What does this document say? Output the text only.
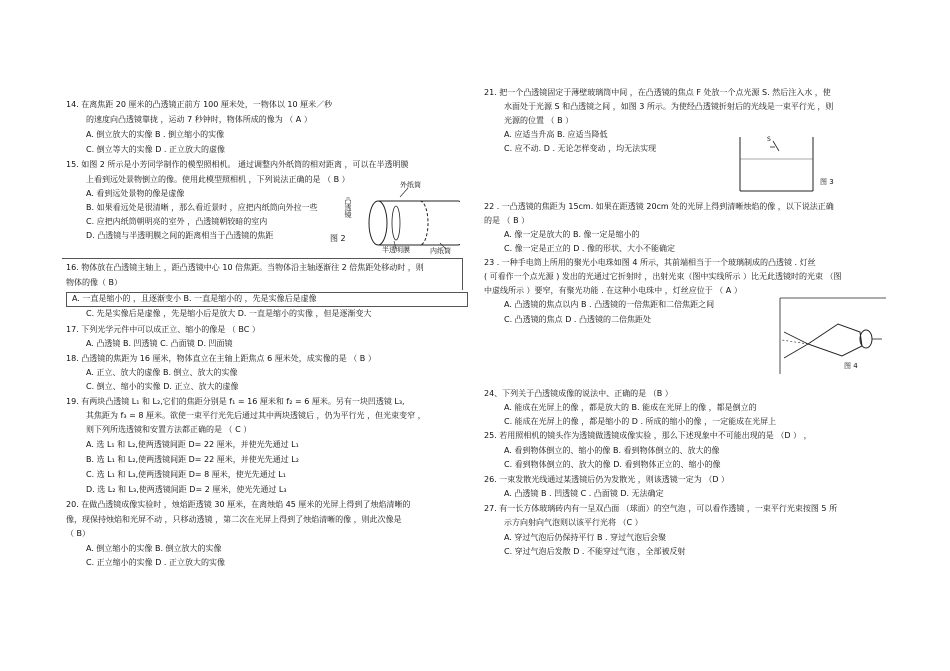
14. 在离焦距 20 厘米的凸透镜正前方 100 厘米处，一物体以 10 厘米／秒
的速度向凸透镜靠拢 ，运动 7 秒钟时，物体所成的像为 （ A ）
A. 倒立放大的实像 B . 倒立缩小的实像
C. 倒立等大的实像 D . 正立放大的虚像
15. 如图 2 所示是小芳同学制作的模型照相机。 通过调整内外纸筒的相对距离 ，可以在半透明膜
上看到远处景物倒立的像。使用此模型照相机 ，下列说法正确的是 （ B ）
A. 看到远处景物的像是虚像
B. 如果看远处是很清晰 ，那么看近景时 ，应把内纸筒向外拉一些
C. 应把内纸筒朝明亮的室外 ，凸透镜朝较暗的室内
D. 凸透镜与半透明膜之间的距离相当于凸透镜的焦距
外纸筒
凸透镜
半透明膜	内纸筒
图 2
16. 物体放在凸透镜主轴上 ，距凸透镜中心 10 倍焦距。当物体沿主轴逐渐往 2 倍焦距处移动时 ，则
物体的像（ B）
A. 一直是缩小的 ，且逐渐变小 B. 一直是缩小的 ，先是实像后是虚像
C. 先是实像后是虚像 ，先是缩小后是放大 D. 一直是缩小的实像 ，但是逐渐变大
17. 下列光学元件中可以成正立、缩小的像是 （ BC ）
A. 凸透镜 B. 凹透镜 C. 凸面镜 D. 凹面镜
18. 凸透镜的焦距为 16 厘米，物体直立在主轴上距焦点 6 厘米处，成实像的是 （ B ）
A. 正立、放大的虚像 B. 倒立、放大的实像
C. 倒立、缩小的实像 D. 正立、放大的虚像
19. 有两块凸透镜 L₁ 和 L₂,它们的焦距分别是 f₁ = 16 厘米和 f₂ = 6 厘米。另有一块凹透镜 L₃,
其焦距为 f₃ = 8 厘米。欲使一束平行光先后通过其中两块透镜后 ，仍为平行光 ，但光束变窄 ，
则下列所选透镜和安置方法都正确的是 （ C ）
A. 选 L₁ 和 L₂,使两透镜间距 D= 22 厘米，并使光先通过 L₁
B. 选 L₁ 和 L₂,使两透镜间距 D= 22 厘米，并使光先通过 L₂
C. 选 L₁ 和 L₃,使两透镜间距 D= 8 厘米，使光先通过 L₁
D. 选 L₂ 和 L₃,使两透镜间距 D= 2 厘米，使光先通过 L₃
20. 在做凸透镜成像实验时 ，烛焰距透镜 30 厘米，在离烛焰 45 厘米的光屏上得到了烛焰清晰的
像，现保持烛焰和光屏不动 ，只移动透镜 ，第二次在光屏上得到了烛焰清晰的像 ，则此次像是
（ B）
A. 倒立缩小的实像 B. 倒立放大的实像
C. 正立缩小的实像 D . 正立放大的实像
21. 把一个凸透镜固定于薄壁玻璃筒中间 ，在凸透镜的焦点 F 处放一个点光源 S. 然后注入水 ，使
水面处于光源 S 和凸透镜之间 ，如图 3 所示。为使经凸透镜折射后的光线是一束平行光 ，则
光源的位置 （ B ）
A. 应适当升高 B. 应适当降低
C. 应不动. D . 无论怎样变动 ，均无法实现
S
图 3
22 . 一凸透镜的焦距为 15cm. 如果在距透镜 20cm 处的光屏上得到清晰烛焰的像 ，以下说法正确
的是 （ B ）
A. 像一定是放大的 B. 像一定是缩小的
C. 像一定是正立的 D . 像的形状、大小不能确定
23 . 一种手电筒上所用的聚光小电珠如图 4 所示，其前端相当于一个玻璃制成的凸透镜 . 灯丝
( 可看作一个点光源 ) 发出的光通过它折射时 ，出射光束（图中实线所示 ）比无此透镜时的光束 （图
中虚线所示 ）要窄，有聚光功能 . 在这种小电珠中 ，灯丝应位于 （ A ）
A. 凸透镜的焦点以内 B . 凸透镜的一倍焦距和二倍焦距之间
C. 凸透镜的焦点 D . 凸透镜的二倍焦距处
图 4
24、下列关于凸透镜成像的说法中、正确的是 （B ）
A. 能成在光屏上的像 ，都是放大的 B. 能成在光屏上的像 ，都是倒立的
C. 能成在光屏上的像 ，都是缩小的 D . 所成的缩小的像 ，一定能成在光屏上
25. 若用照相机的镜头作为透镜做透镜成像实验 ，那么下述现象中不可能出现的是 （D ） ，
A. 看到物体倒立的、缩小的像 B. 看到物体倒立的、放大的像
C. 看到物体倒立的、放大的像 D. 看到物体正立的、缩小的像
26. 一束发散光线通过某透镜后仍为发散光 ，则该透镜一定为 （D ）
A. 凸透镜 B . 凹透镜 C . 凸面镜 D. 无法确定
27. 有一长方体玻璃砖内有一呈双凸面 （球面）的空气泡 ，可以看作透镜 ，一束平行光束按图 5 所
示方向射向气泡则以该平行光将 （C ）
A. 穿过气泡后仍保持平行 B . 穿过气泡后会聚
C. 穿过气泡后发散 D . 不能穿过气泡 ，全部被反射
